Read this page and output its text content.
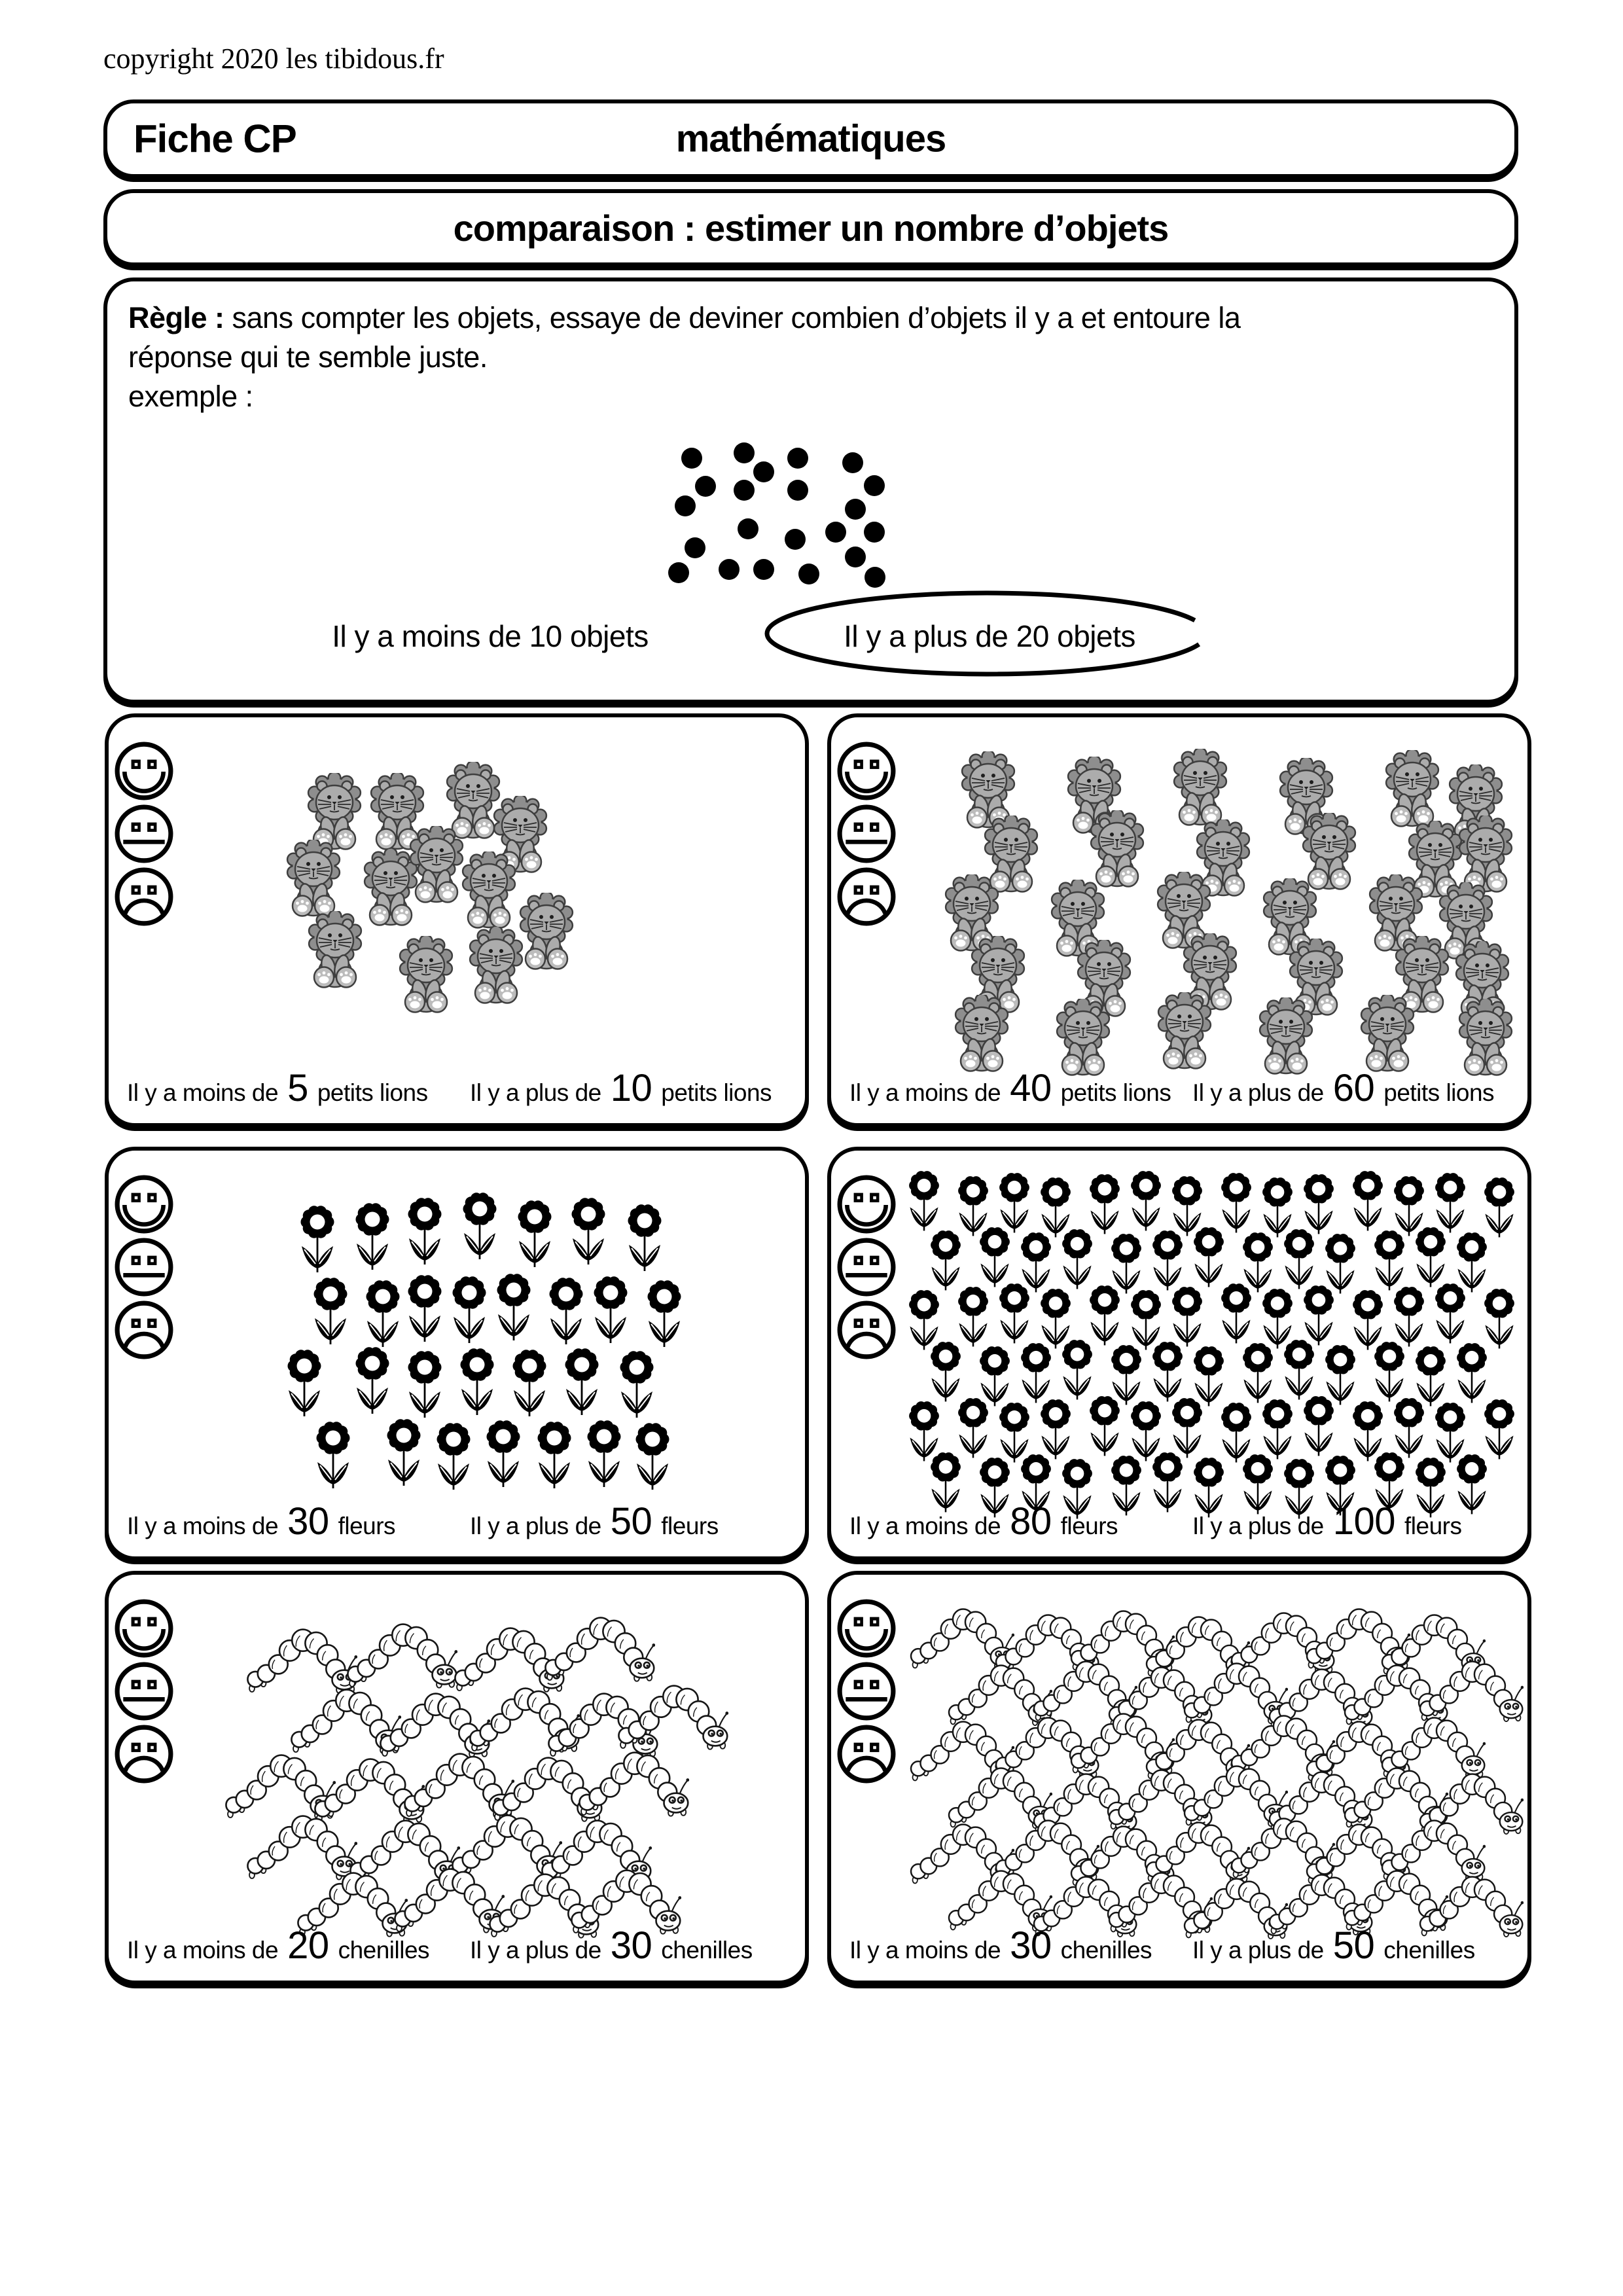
copyright 2020 les tibidous.fr
Fiche CP	mathématiques
comparaison : estimer un nombre d’objets
Règle : sans compter les objets, essaye de deviner combien d’objets il y a et entoure la
réponse qui te semble juste.
exemple :
Il y a moins de 10 objets	Il y a plus de 20 objets
Il y a moins de 5 petits lions Il y a plus de 10 petits lions	Il y a moins de 40 petits lions Il y a plus de 60 petits lions
Il y a moins de 30 fleurs	Il y a plus de 50 fleurs	Il y a moins de 80 fleurs	Il y a plus de 100 fleurs
Il y a moins de 20 chenilles Il y a plus de 30 chenilles	Il y a moins de 30 chenilles Il y a plus de 50 chenilles
